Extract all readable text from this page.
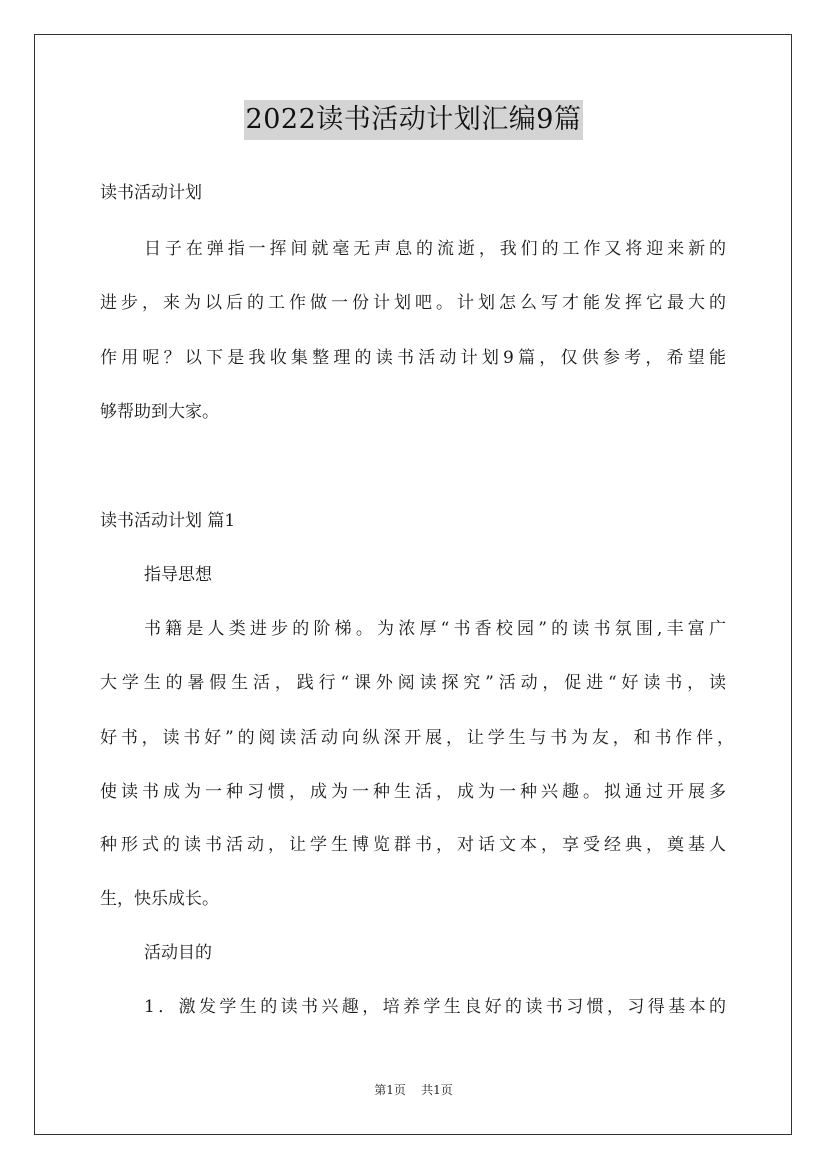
2022读书活动计划汇编9篇
读书活动计划
日子在弹指一挥间就毫无声息的流逝，我们的工作又将迎来新的
进步，来为以后的工作做一份计划吧。计划怎么写才能发挥它最大的
作用呢？以下是我收集整理的读书活动计划9篇，仅供参考，希望能
够帮助到大家。
读书活动计划 篇1
指导思想
书籍是人类进步的阶梯。为浓厚“书香校园”的读书氛围,丰富广
大学生的暑假生活，践行“课外阅读探究”活动，促进“好读书，读
好书，读书好”的阅读活动向纵深开展，让学生与书为友，和书作伴，
使读书成为一种习惯，成为一种生活，成为一种兴趣。拟通过开展多
种形式的读书活动，让学生博览群书，对话文本，享受经典，奠基人
生，快乐成长。
活动目的
1．激发学生的读书兴趣，培养学生良好的读书习惯，习得基本的
第1页 共1页
